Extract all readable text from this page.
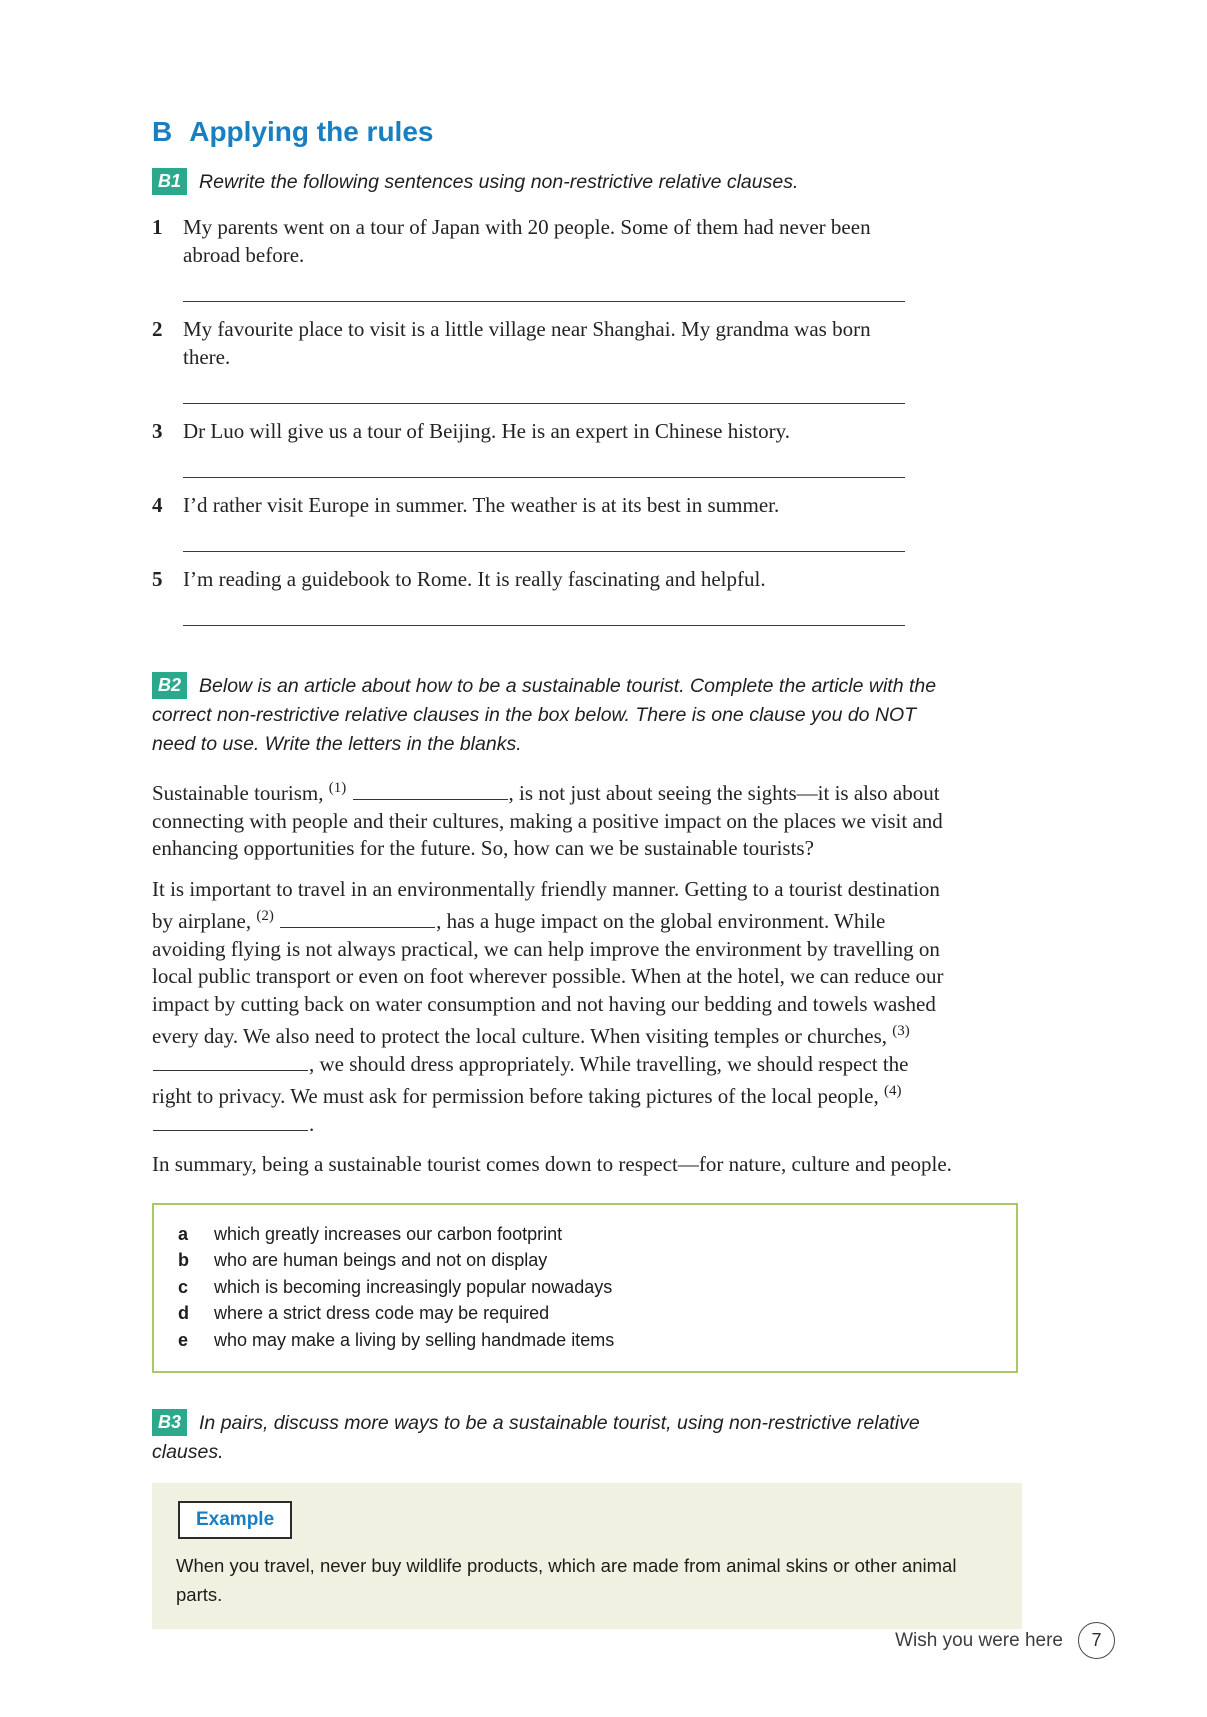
B Applying the rules

B1 Rewrite the following sentences using non-restrictive relative clauses.

1 My parents went on a tour of Japan with 20 people. Some of them had never been abroad before.
2 My favourite place to visit is a little village near Shanghai. My grandma was born there.
3 Dr Luo will give us a tour of Beijing. He is an expert in Chinese history.
4 I’d rather visit Europe in summer. The weather is at its best in summer.
5 I’m reading a guidebook to Rome. It is really fascinating and helpful.

B2 Below is an article about how to be a sustainable tourist. Complete the article with the correct non-restrictive relative clauses in the box below. There is one clause you do NOT need to use. Write the letters in the blanks.

Sustainable tourism, $^{(1)}$	, is not just about seeing the sights—it is also about connecting with people and their cultures, making a positive impact on the places we visit and enhancing opportunities for the future. So, how can we be sustainable tourists?

It is important to travel in an environmentally friendly manner. Getting to a tourist destination by airplane, $^{(2)}$	, has a huge impact on the global environment. While avoiding flying is not always practical, we can help improve the environment by travelling on local public transport or even on foot wherever possible. When at the hotel, we can reduce our impact by cutting back on water consumption and not having our bedding and towels washed every day. We also need to protect the local culture. When visiting temples or churches, $^{(3)}$ , we should dress appropriately. While travelling, we should respect the right to privacy. We must ask for permission before taking pictures of the local people, $^{(4)}$ .

In summary, being a sustainable tourist comes down to respect—for nature, culture and people.

a	which greatly increases our carbon footprint
b	who are human beings and not on display
c	which is becoming increasingly popular nowadays
d	where a strict dress code may be required
e	who may make a living by selling handmade items

B3 In pairs, discuss more ways to be a sustainable tourist, using non-restrictive relative clauses.

Example

When you travel, never buy wildlife products, which are made from animal skins or other animal parts.

Wish you were here	7
